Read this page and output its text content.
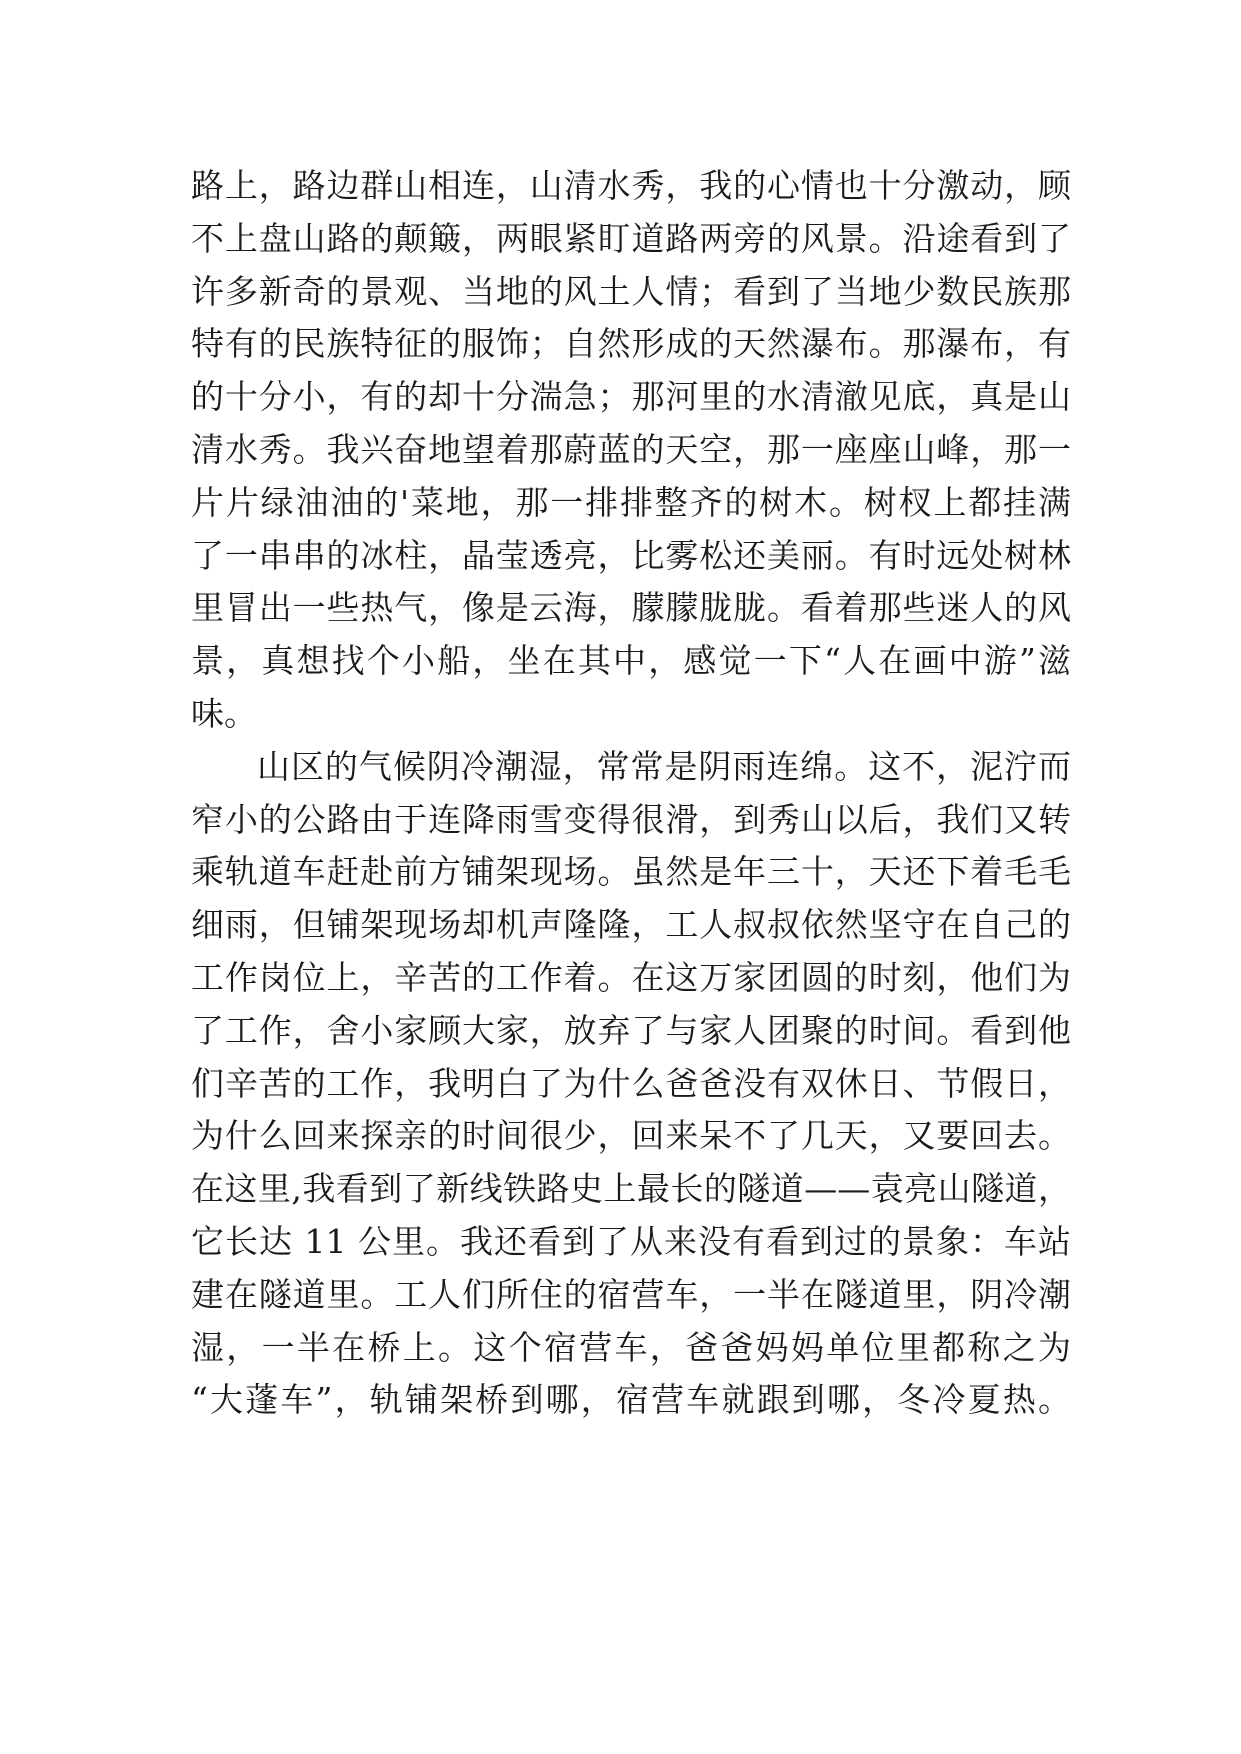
路上，路边群山相连，山清水秀，我的心情也十分激动，顾
不上盘山路的颠簸，两眼紧盯道路两旁的风景。沿途看到了
许多新奇的景观、当地的风土人情；看到了当地少数民族那
特有的民族特征的服饰；自然形成的天然瀑布。那瀑布，有
的十分小，有的却十分湍急；那河里的水清澈见底，真是山
清水秀。我兴奋地望着那蔚蓝的天空，那一座座山峰，那一
片片绿油油的'菜地，那一排排整齐的树木。树杈上都挂满
了一串串的冰柱，晶莹透亮，比雾松还美丽。有时远处树林
里冒出一些热气，像是云海，朦朦胧胧。看着那些迷人的风
景，真想找个小船，坐在其中，感觉一下“人在画中游”滋
味。
山区的气候阴冷潮湿，常常是阴雨连绵。这不，泥泞而
窄小的公路由于连降雨雪变得很滑，到秀山以后，我们又转
乘轨道车赶赴前方铺架现场。虽然是年三十，天还下着毛毛
细雨，但铺架现场却机声隆隆，工人叔叔依然坚守在自己的
工作岗位上，辛苦的工作着。在这万家团圆的时刻，他们为
了工作，舍小家顾大家，放弃了与家人团聚的时间。看到他
们辛苦的工作，我明白了为什么爸爸没有双休日、节假日，
为什么回来探亲的时间很少，回来呆不了几天，又要回去。
在这里,我看到了新线铁路史上最长的隧道——袁亮山隧道，
它长达 11 公里。我还看到了从来没有看到过的景象：车站
建在隧道里。工人们所住的宿营车，一半在隧道里，阴冷潮
湿，一半在桥上。这个宿营车，爸爸妈妈单位里都称之为
“大蓬车”，轨铺架桥到哪，宿营车就跟到哪，冬冷夏热。
